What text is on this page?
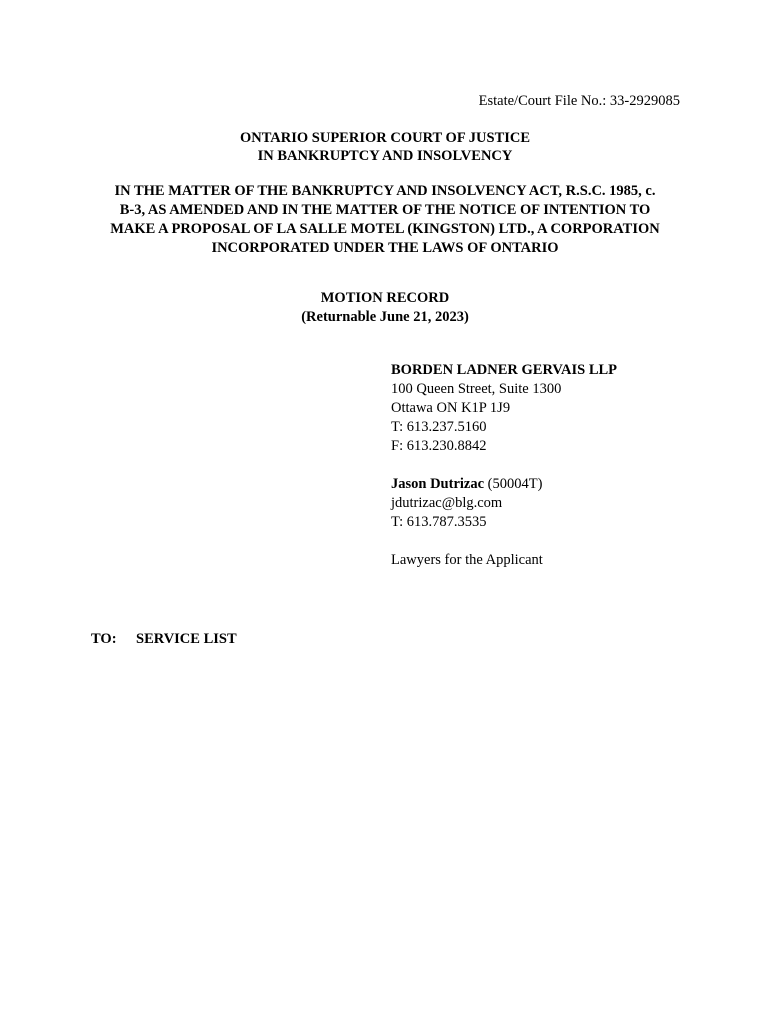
Estate/Court File No.: 33-2929085
ONTARIO SUPERIOR COURT OF JUSTICE
IN BANKRUPTCY AND INSOLVENCY
IN THE MATTER OF THE BANKRUPTCY AND INSOLVENCY ACT, R.S.C. 1985, c.
B-3, AS AMENDED AND IN THE MATTER OF THE NOTICE OF INTENTION TO
MAKE A PROPOSAL OF LA SALLE MOTEL (KINGSTON) LTD., A CORPORATION
INCORPORATED UNDER THE LAWS OF ONTARIO
MOTION RECORD
(Returnable June 21, 2023)
BORDEN LADNER GERVAIS LLP
100 Queen Street, Suite 1300
Ottawa ON K1P 1J9
T: 613.237.5160
F: 613.230.8842
Jason Dutrizac (50004T)
jdutrizac@blg.com
T: 613.787.3535
Lawyers for the Applicant
TO: SERVICE LIST
